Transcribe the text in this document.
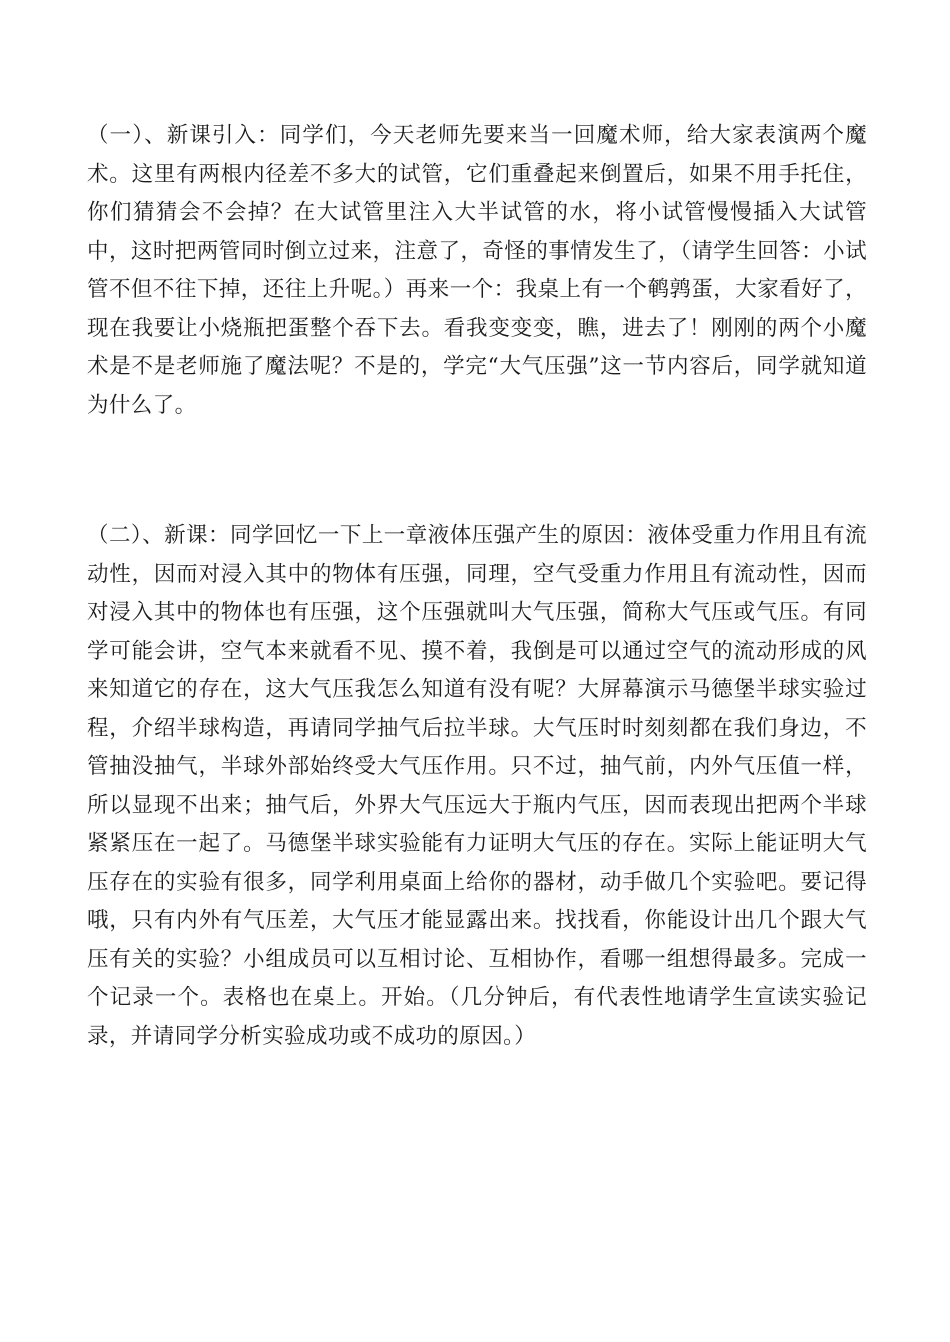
（一）、新课引入：同学们，今天老师先要来当一回魔术师，给大家表演两个魔术。这里有两根内径差不多大的试管，它们重叠起来倒置后，如果不用手托住，你们猜猜会不会掉？在大试管里注入大半试管的水，将小试管慢慢插入大试管中，这时把两管同时倒立过来，注意了，奇怪的事情发生了，（请学生回答：小试管不但不往下掉，还往上升呢。）再来一个：我桌上有一个鹌鹑蛋，大家看好了，现在我要让小烧瓶把蛋整个吞下去。看我变变变，瞧，进去了！刚刚的两个小魔术是不是老师施了魔法呢？不是的，学完“大气压强”这一节内容后，同学就知道为什么了。

（二）、新课：同学回忆一下上一章液体压强产生的原因：液体受重力作用且有流动性，因而对浸入其中的物体有压强，同理，空气受重力作用且有流动性，因而对浸入其中的物体也有压强，这个压强就叫大气压强，简称大气压或气压。有同学可能会讲，空气本来就看不见、摸不着，我倒是可以通过空气的流动形成的风来知道它的存在，这大气压我怎么知道有没有呢？大屏幕演示马德堡半球实验过程，介绍半球构造，再请同学抽气后拉半球。大气压时时刻刻都在我们身边，不管抽没抽气，半球外部始终受大气压作用。只不过，抽气前，内外气压值一样，所以显现不出来；抽气后，外界大气压远大于瓶内气压，因而表现出把两个半球紧紧压在一起了。马德堡半球实验能有力证明大气压的存在。实际上能证明大气压存在的实验有很多，同学利用桌面上给你的器材，动手做几个实验吧。要记得哦，只有内外有气压差，大气压才能显露出来。找找看，你能设计出几个跟大气压有关的实验？小组成员可以互相讨论、互相协作，看哪一组想得最多。完成一个记录一个。表格也在桌上。开始。（几分钟后，有代表性地请学生宣读实验记录，并请同学分析实验成功或不成功的原因。）
